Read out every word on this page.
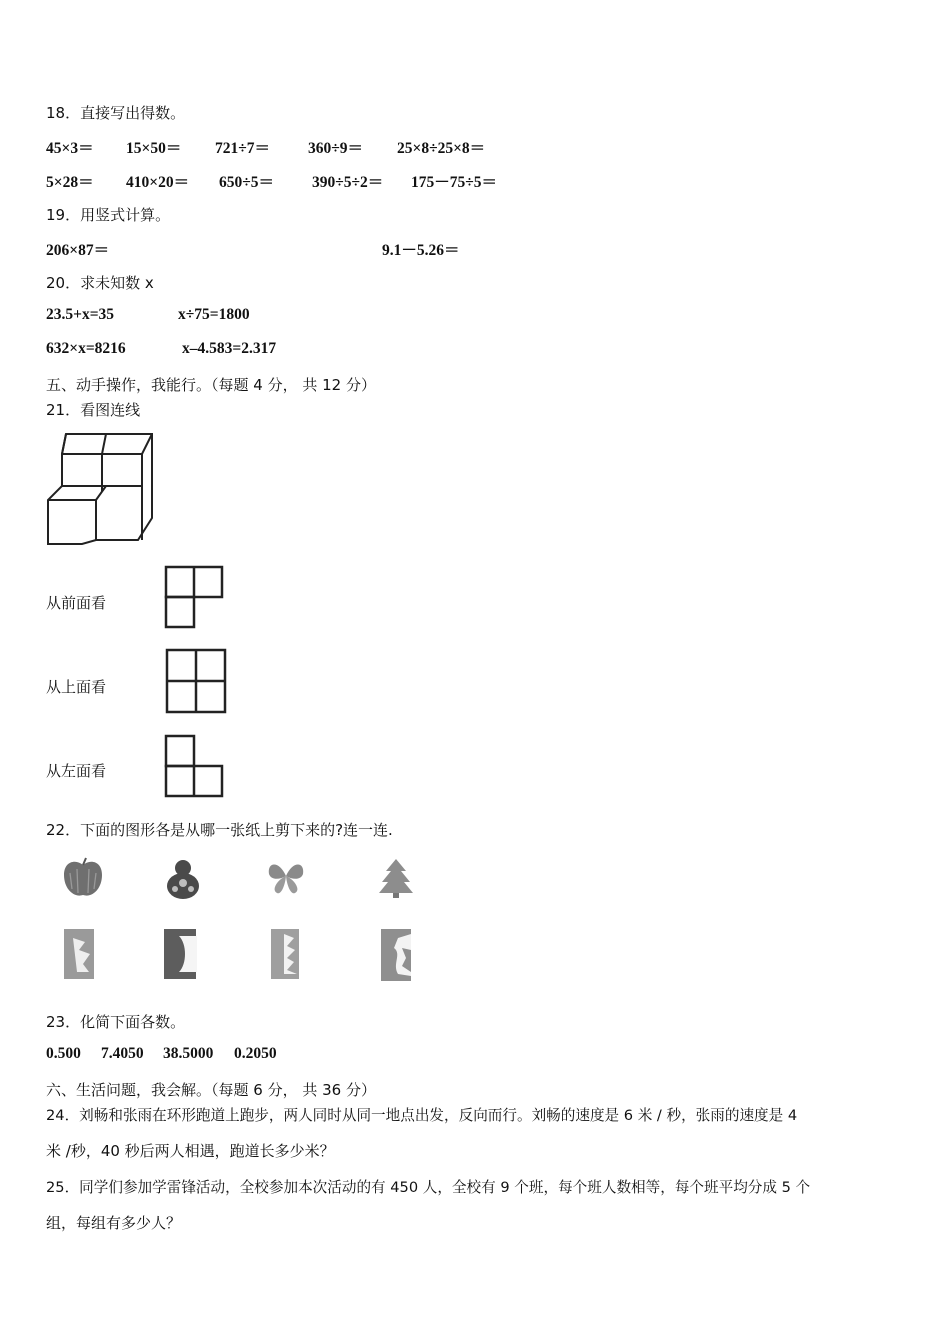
18．直接写出得数。
45×3＝ 15×50＝ 721÷7＝ 360÷9＝ 25×8÷25×8＝
5×28＝ 410×20＝ 650÷5＝ 390÷5÷2＝ 175－75÷5＝
19．用竖式计算。
206×87＝	9.1－5.26＝
20．求未知数 x
23.5+x=35	x÷75=1800
632×x=8216	x–4.583=2.317
五、动手操作，我能行。（每题 4 分， 共 12 分）
21．看图连线
从前面看
从上面看
从左面看
22．下面的图形各是从哪一张纸上剪下来的?连一连.
23．化简下面各数。
0.500 7.4050 38.5000 0.2050
六、生活问题，我会解。（每题 6 分， 共 36 分）
24．刘畅和张雨在环形跑道上跑步，两人同时从同一地点出发，反向而行。刘畅的速度是 6 米 / 秒，张雨的速度是 4
米 /秒，40 秒后两人相遇，跑道长多少米？
25．同学们参加学雷锋活动，全校参加本次活动的有 450 人，全校有 9 个班，每个班人数相等，每个班平均分成 5 个
组，每组有多少人？
